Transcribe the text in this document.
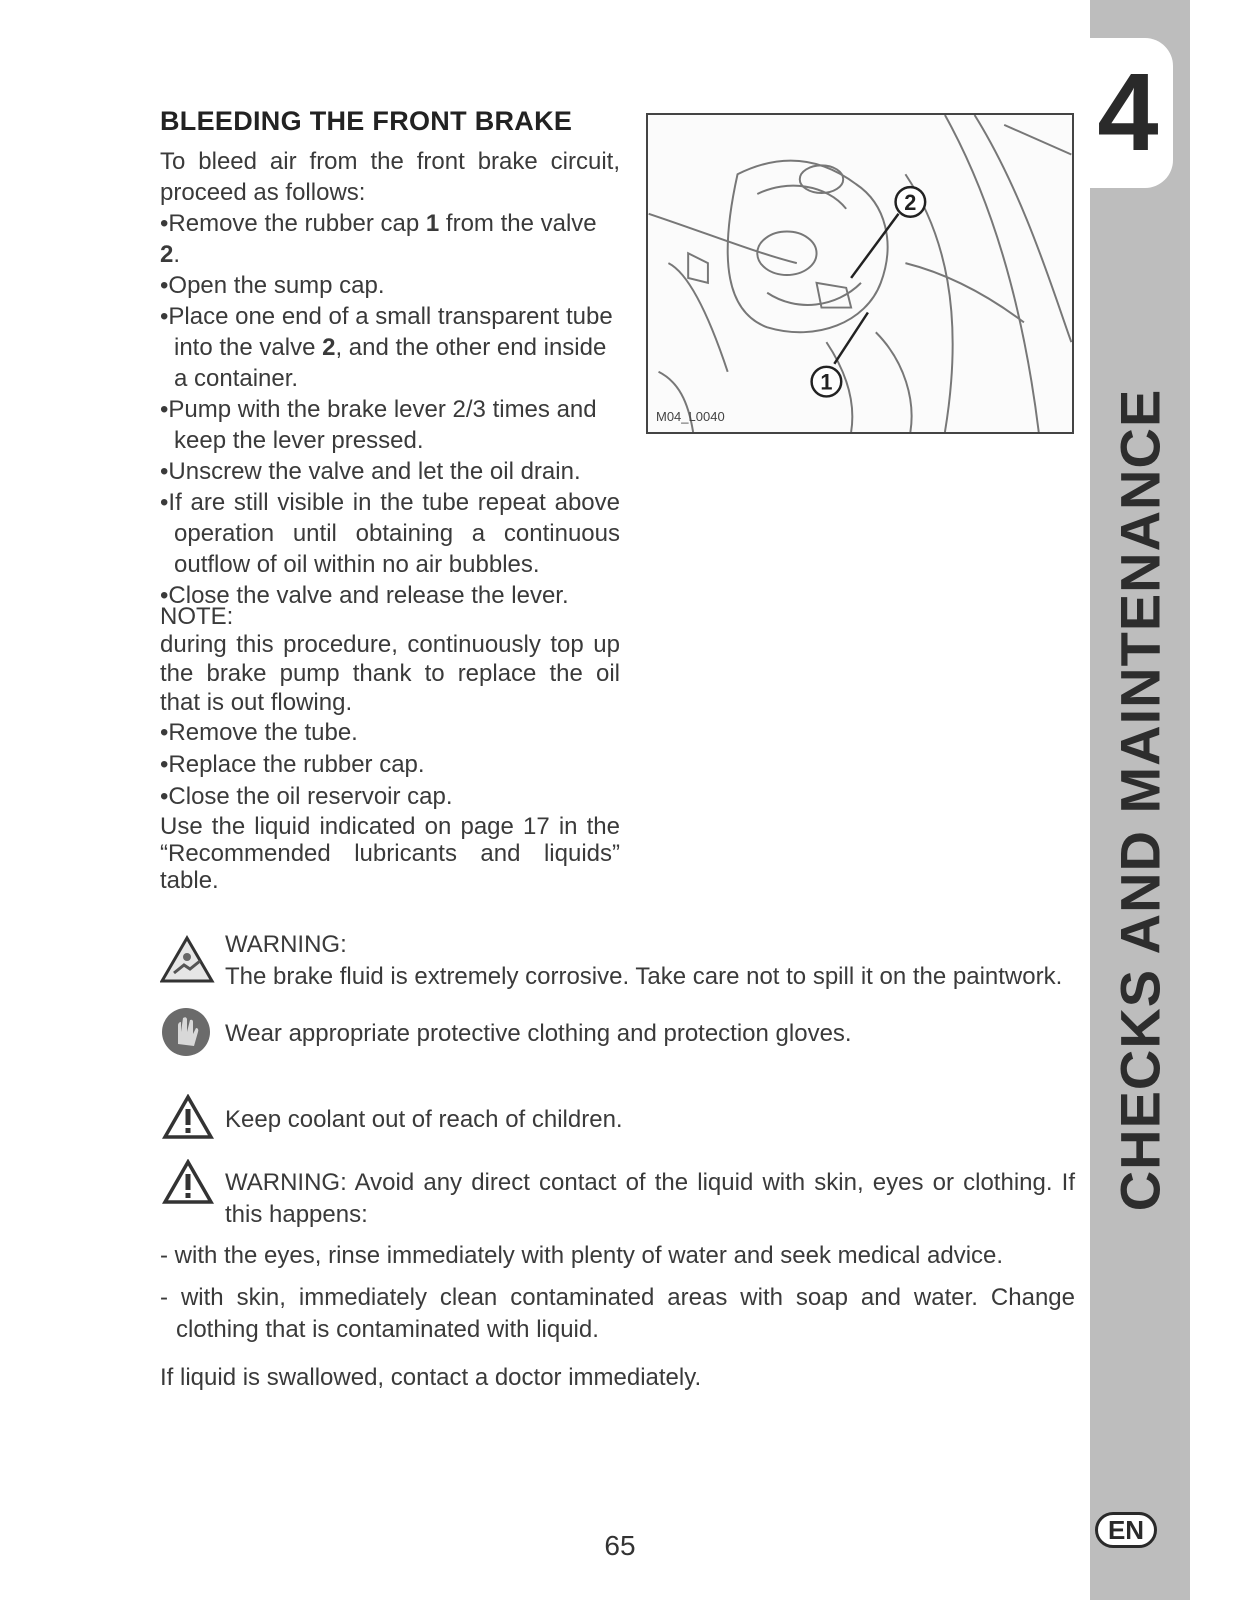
4
CHECKS AND MAINTENANCE
EN
BLEEDING THE FRONT BRAKE

To bleed air from the front brake circuit, proceed as follows:

•Remove the rubber cap 1 from the valve 2.

•Open the sump cap.

•Place one end of a small transparent tube into the valve 2, and the other end inside a container.

•Pump with the brake lever 2/3 times and keep the lever pressed.

•Unscrew the valve and let the oil drain.

•If are still visible in the tube repeat above operation until obtaining a continuous outflow of oil within no air bubbles.

•Close the valve and release the lever.

NOTE:

during this procedure, continuously top up the brake pump thank to replace the oil that is out flowing.

•Remove the tube.

•Replace the rubber cap.

•Close the oil reservoir cap.

Use the liquid indicated on page 17 in the “Recommended lubricants and liquids” table.

2
1
M04_L0040

WARNING:

The brake fluid is extremely corrosive. Take care not to spill it on the paintwork.

Wear appropriate protective clothing and protection gloves.

Keep coolant out of reach of children.

WARNING: Avoid any direct contact of the liquid with skin, eyes or clothing. If this happens:

- with the eyes, rinse immediately with plenty of water and seek medical advice.

- with skin, immediately clean contaminated areas with soap and water. Change clothing that is contaminated with liquid.

If liquid is swallowed, contact a doctor immediately.

65
